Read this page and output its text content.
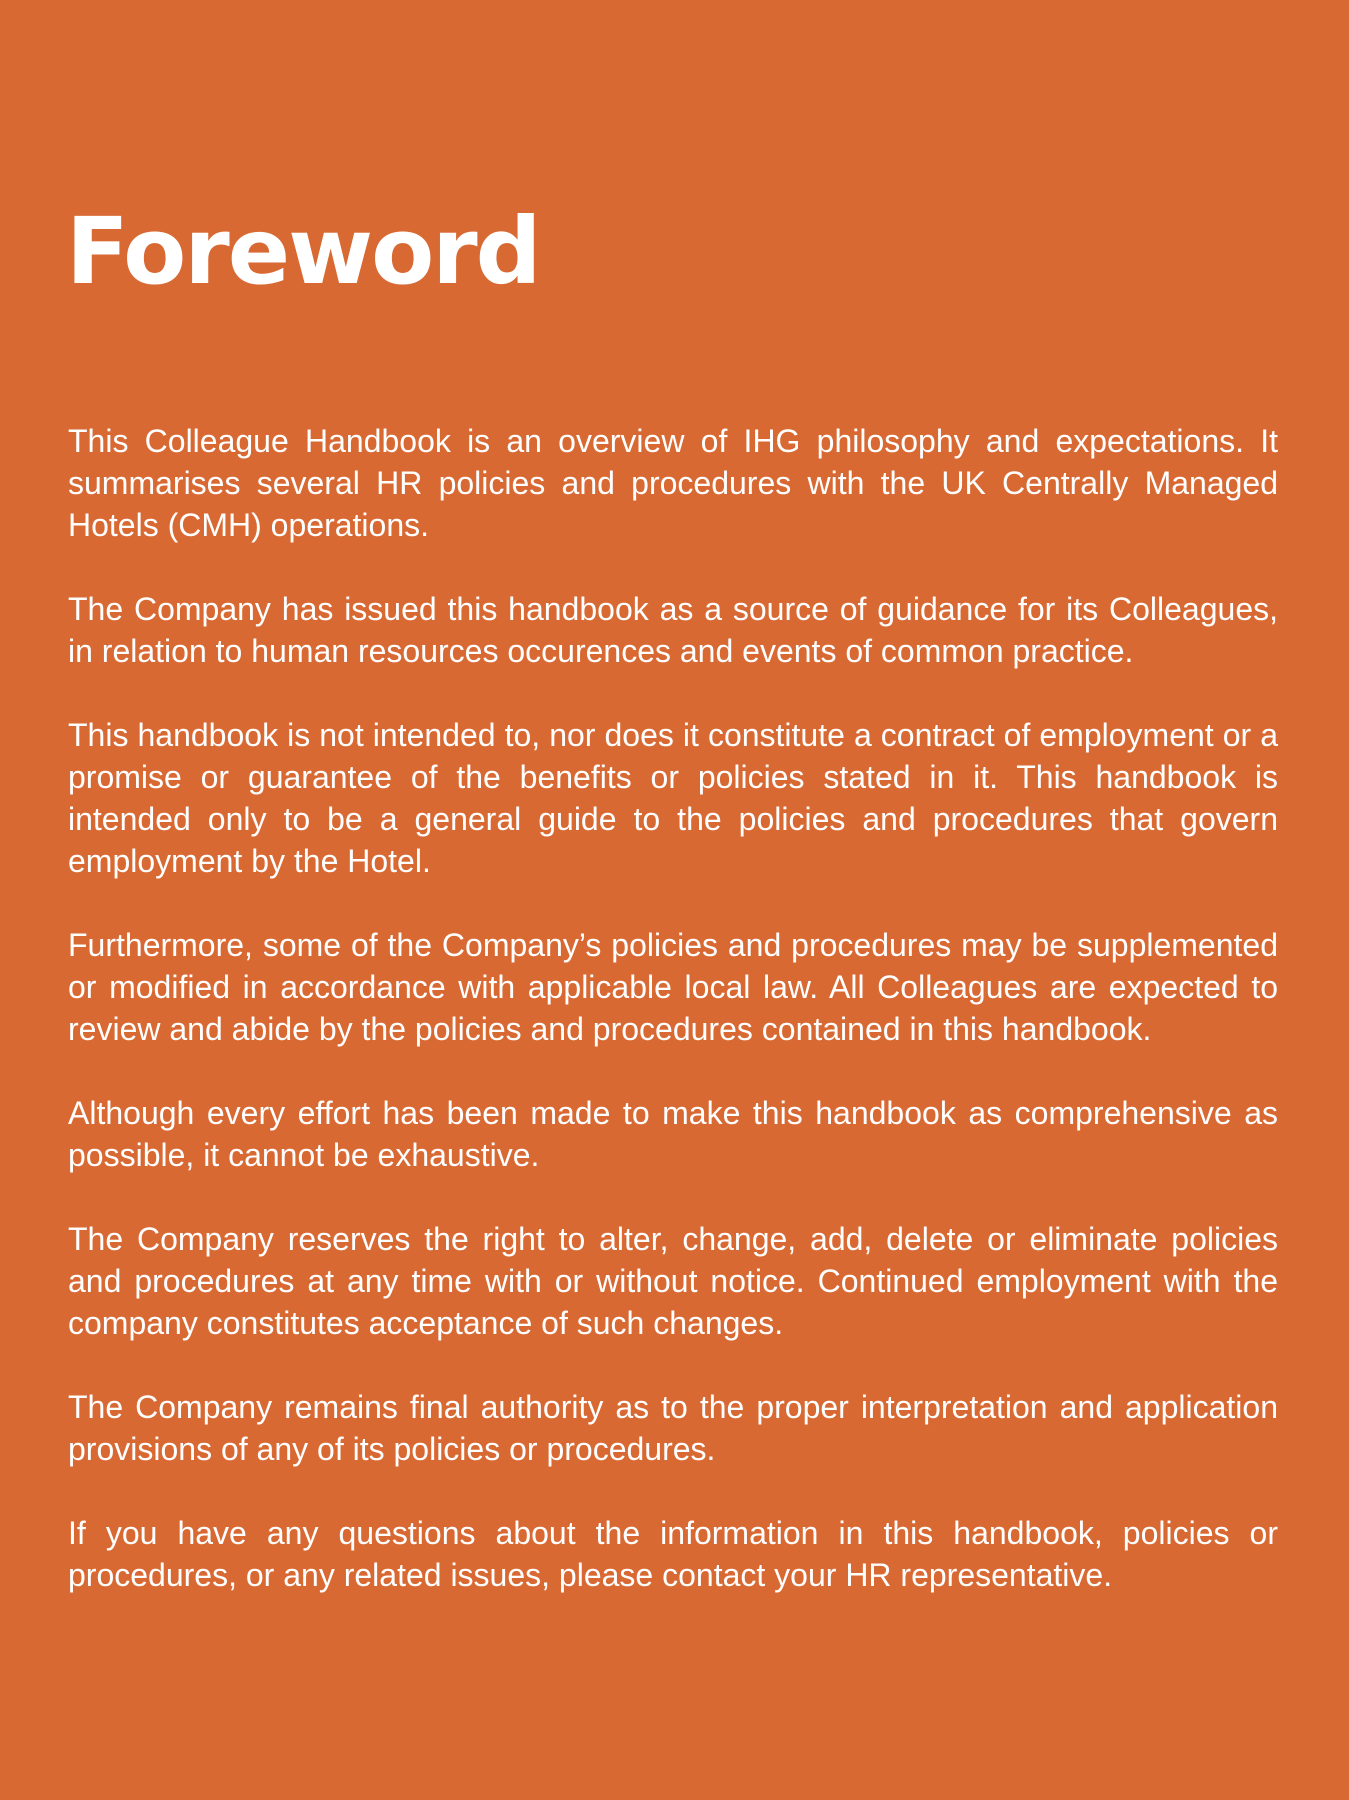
Foreword

This Colleague Handbook is an overview of IHG philosophy and expectations. It summarises several HR policies and procedures with the UK Centrally Managed Hotels (CMH) operations.

The Company has issued this handbook as a source of guidance for its Colleagues, in relation to human resources occurences and events of common practice.

This handbook is not intended to, nor does it constitute a contract of employment or a promise or guarantee of the benefits or policies stated in it. This handbook is intended only to be a general guide to the policies and procedures that govern employment by the Hotel.

Furthermore, some of the Company’s policies and procedures may be supplemented or modified in accordance with applicable local law. All Colleagues are expected to review and abide by the policies and procedures contained in this handbook.

Although every effort has been made to make this handbook as comprehensive as possible, it cannot be exhaustive.

The Company reserves the right to alter, change, add, delete or eliminate policies and procedures at any time with or without notice. Continued employment with the company constitutes acceptance of such changes.

The Company remains final authority as to the proper interpretation and application provisions of any of its policies or procedures.

If you have any questions about the information in this handbook, policies or procedures, or any related issues, please contact your HR representative.
